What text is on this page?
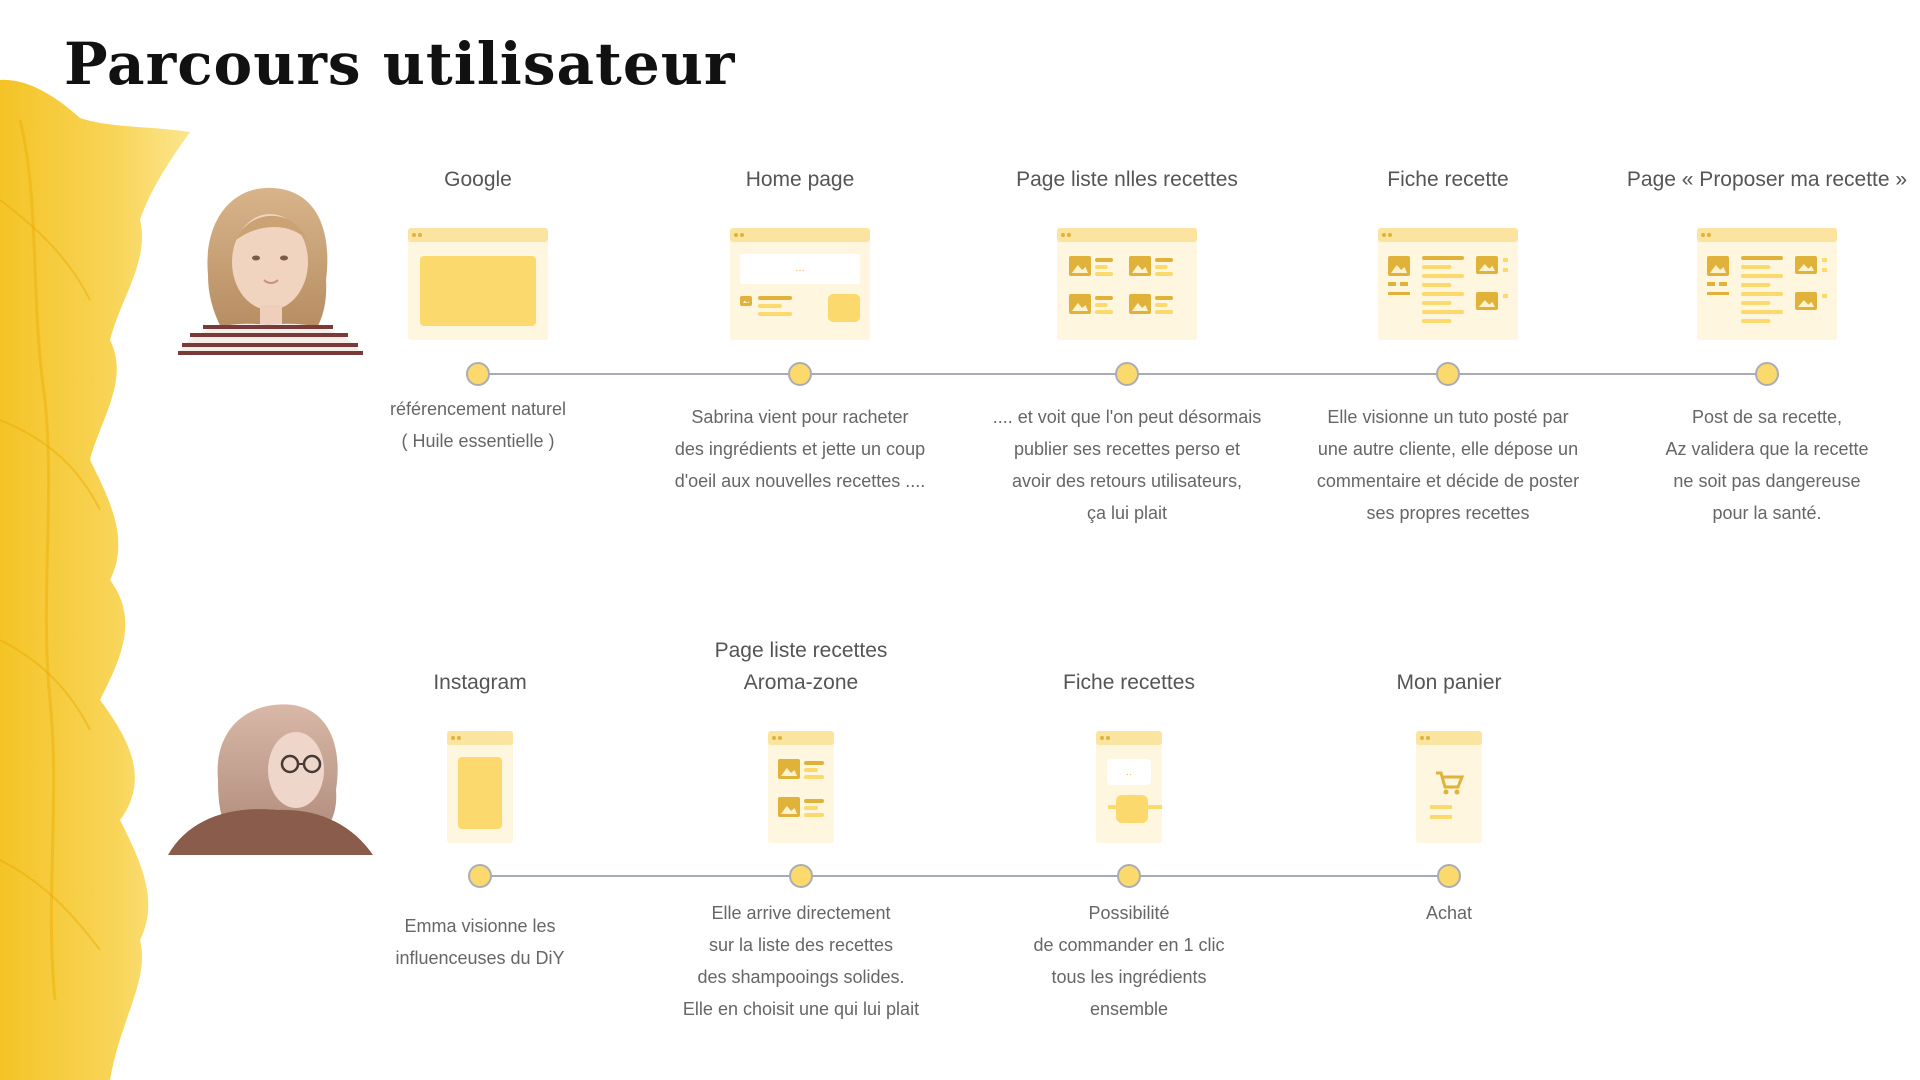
Parcours utilisateur
Google
référencement naturel
( Huile essentielle )
Home page
···
Sabrina vient pour racheter
des ingrédients et jette un coup
d'oeil aux nouvelles recettes ....
Page liste nlles recettes
.... et voit que l'on peut désormais
publier ses recettes perso et
avoir des retours utilisateurs,
ça lui plait
Fiche recette
Elle visionne un tuto posté par
une autre cliente, elle dépose un
commentaire et décide de poster
ses propres recettes
Page « Proposer ma recette »
Post de sa recette,
Az validera que la recette
ne soit pas dangereuse
pour la santé.
Instagram
Emma visionne les
influenceuses du DiY
Page liste recettes
Aroma-zone
Elle arrive directement
sur la liste des recettes
des shampooings solides.
Elle en choisit une qui lui plait
Fiche recettes
··
Possibilité
de commander en 1 clic
tous les ingrédients
ensemble
Mon panier
Achat
